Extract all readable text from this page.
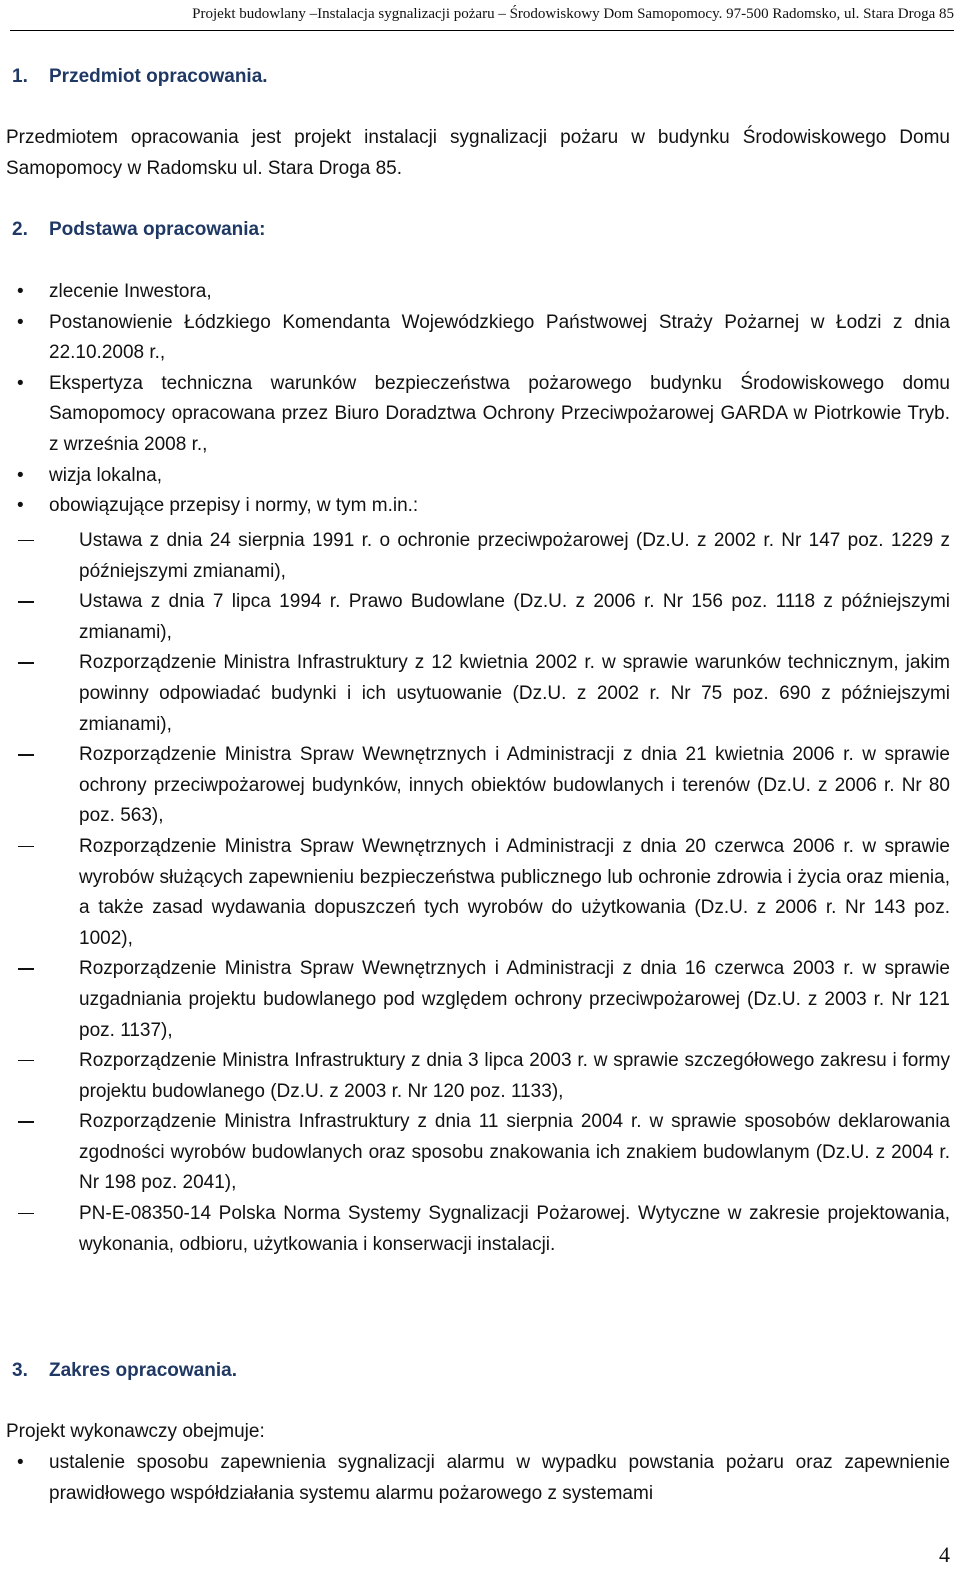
Projekt budowlany –Instalacja sygnalizacji pożaru – Środowiskowy Dom Samopomocy. 97-500 Radomsko, ul. Stara Droga 85
1. Przedmiot opracowania.
Przedmiotem opracowania jest projekt instalacji sygnalizacji pożaru w budynku Środowiskowego Domu Samopomocy w Radomsku ul. Stara Droga 85.
2. Podstawa opracowania:
• zlecenie Inwestora,
• Postanowienie Łódzkiego Komendanta Wojewódzkiego Państwowej Straży Pożarnej w Łodzi z dnia 22.10.2008 r.,
• Ekspertyza techniczna warunków bezpieczeństwa pożarowego budynku Środowiskowego domu Samopomocy opracowana przez Biuro Doradztwa Ochrony Przeciwpożarowej GARDA w Piotrkowie Tryb. z września 2008 r.,
• wizja lokalna,
• obowiązujące przepisy i normy, w tym m.in.:
Ustawa z dnia 24 sierpnia 1991 r. o ochronie przeciwpożarowej (Dz.U. z 2002 r. Nr 147 poz. 1229 z późniejszymi zmianami),
Ustawa z dnia 7 lipca 1994 r. Prawo Budowlane (Dz.U. z 2006 r. Nr 156 poz. 1118 z późniejszymi zmianami),
Rozporządzenie Ministra Infrastruktury z 12 kwietnia 2002 r. w sprawie warunków technicznym, jakim powinny odpowiadać budynki i ich usytuowanie (Dz.U. z 2002 r. Nr 75 poz. 690 z późniejszymi zmianami),
Rozporządzenie Ministra Spraw Wewnętrznych i Administracji z dnia 21 kwietnia 2006 r. w sprawie ochrony przeciwpożarowej budynków, innych obiektów budowlanych i terenów (Dz.U. z 2006 r. Nr 80 poz. 563),
Rozporządzenie Ministra Spraw Wewnętrznych i Administracji z dnia 20 czerwca 2006 r. w sprawie wyrobów służących zapewnieniu bezpieczeństwa publicznego lub ochronie zdrowia i życia oraz mienia, a także zasad wydawania dopuszczeń tych wyrobów do użytkowania (Dz.U. z 2006 r. Nr 143 poz. 1002),
Rozporządzenie Ministra Spraw Wewnętrznych i Administracji z dnia 16 czerwca 2003 r. w sprawie uzgadniania projektu budowlanego pod względem ochrony przeciwpożarowej (Dz.U. z 2003 r. Nr 121 poz. 1137),
Rozporządzenie Ministra Infrastruktury z dnia 3 lipca 2003 r. w sprawie szczegółowego zakresu i formy projektu budowlanego (Dz.U. z 2003 r. Nr 120 poz. 1133),
Rozporządzenie Ministra Infrastruktury z dnia 11 sierpnia 2004 r. w sprawie sposobów deklarowania zgodności wyrobów budowlanych oraz sposobu znakowania ich znakiem budowlanym (Dz.U. z 2004 r. Nr 198 poz. 2041),
PN-E-08350-14 Polska Norma Systemy Sygnalizacji Pożarowej. Wytyczne w zakresie projektowania, wykonania, odbioru, użytkowania i konserwacji instalacji.
3. Zakres opracowania.
Projekt wykonawczy obejmuje:
• ustalenie sposobu zapewnienia sygnalizacji alarmu w wypadku powstania pożaru oraz zapewnienie prawidłowego współdziałania systemu alarmu pożarowego z systemami
4
